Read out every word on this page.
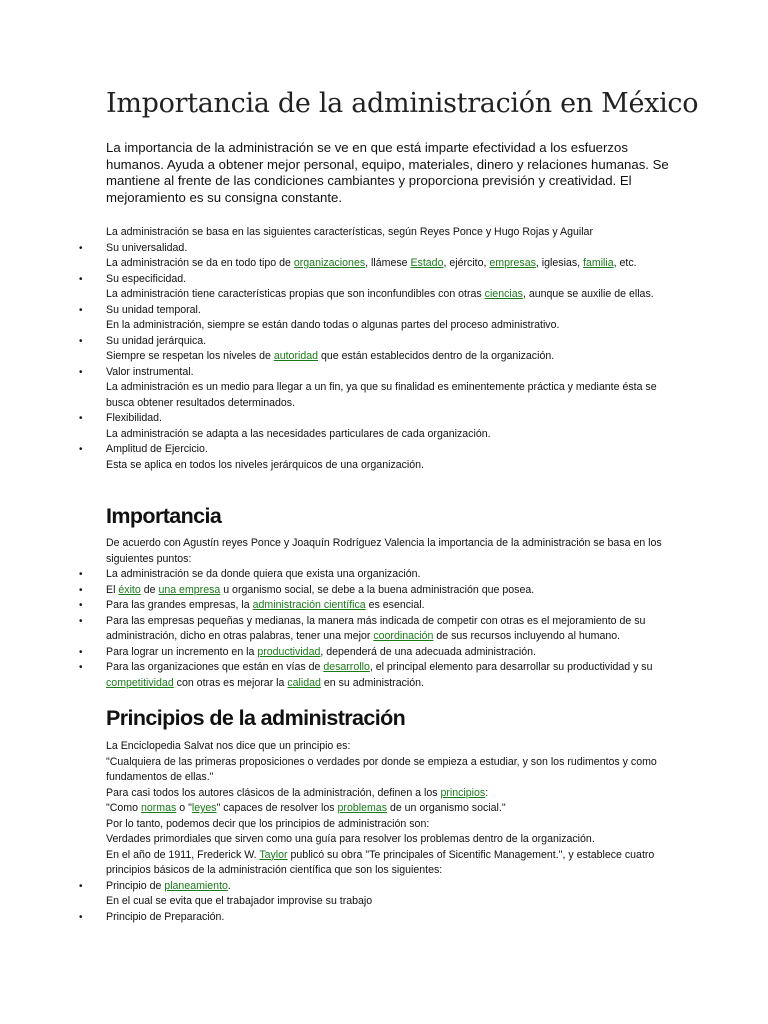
Importancia de la administración en México

La importancia de la administración se ve en que está imparte efectividad a los esfuerzos humanos. Ayuda a obtener mejor personal, equipo, materiales, dinero y relaciones humanas. Se mantiene al frente de las condiciones cambiantes y proporciona previsión y creatividad. El mejoramiento es su consigna constante.

La administración se basa en las siguientes características, según Reyes Ponce y Hugo Rojas y Aguilar

• Su universalidad.
La administración se da en todo tipo de organizaciones, llámese Estado, ejército, empresas, iglesias, familia, etc.
• Su especificidad.
La administración tiene características propias que son inconfundibles con otras ciencias, aunque se auxilie de ellas.
• Su unidad temporal.
En la administración, siempre se están dando todas o algunas partes del proceso administrativo.
• Su unidad jerárquica.
Siempre se respetan los niveles de autoridad que están establecidos dentro de la organización.
• Valor instrumental.
La administración es un medio para llegar a un fin, ya que su finalidad es eminentemente práctica y mediante ésta se busca obtener resultados determinados.
• Flexibilidad.
La administración se adapta a las necesidades particulares de cada organización.
• Amplitud de Ejercicio.
Esta se aplica en todos los niveles jerárquicos de una organización.
Importancia

De acuerdo con Agustín reyes Ponce y Joaquín Rodríguez Valencia la importancia de la administración se basa en los siguientes puntos:

• La administración se da donde quiera que exista una organización.
• El éxito de una empresa u organismo social, se debe a la buena administración que posea.
• Para las grandes empresas, la administración científica es esencial.
• Para las empresas pequeñas y medianas, la manera más indicada de competir con otras es el mejoramiento de su administración, dicho en otras palabras, tener una mejor coordinación de sus recursos incluyendo al humano.
• Para lograr un incremento en la productividad, dependerá de una adecuada administración.
• Para las organizaciones que están en vías de desarrollo, el principal elemento para desarrollar su productividad y su competitividad con otras es mejorar la calidad en su administración.
Principios de la administración

La Enciclopedia Salvat nos dice que un principio es:

"Cualquiera de las primeras proposiciones o verdades por donde se empieza a estudiar, y son los rudimentos y como fundamentos de ellas."

Para casi todos los autores clásicos de la administración, definen a los principios:

"Como normas o "leyes" capaces de resolver los problemas de un organismo social."

Por lo tanto, podemos decir que los principios de administración son:

Verdades primordiales que sirven como una guía para resolver los problemas dentro de la organización.

En el año de 1911, Frederick W. Taylor publicó su obra "Te principales of Sicentific Management.", y establece cuatro principios básicos de la administración científica que son los siguientes:

• Principio de planeamiento.
En el cual se evita que el trabajador improvise su trabajo
• Principio de Preparación.
